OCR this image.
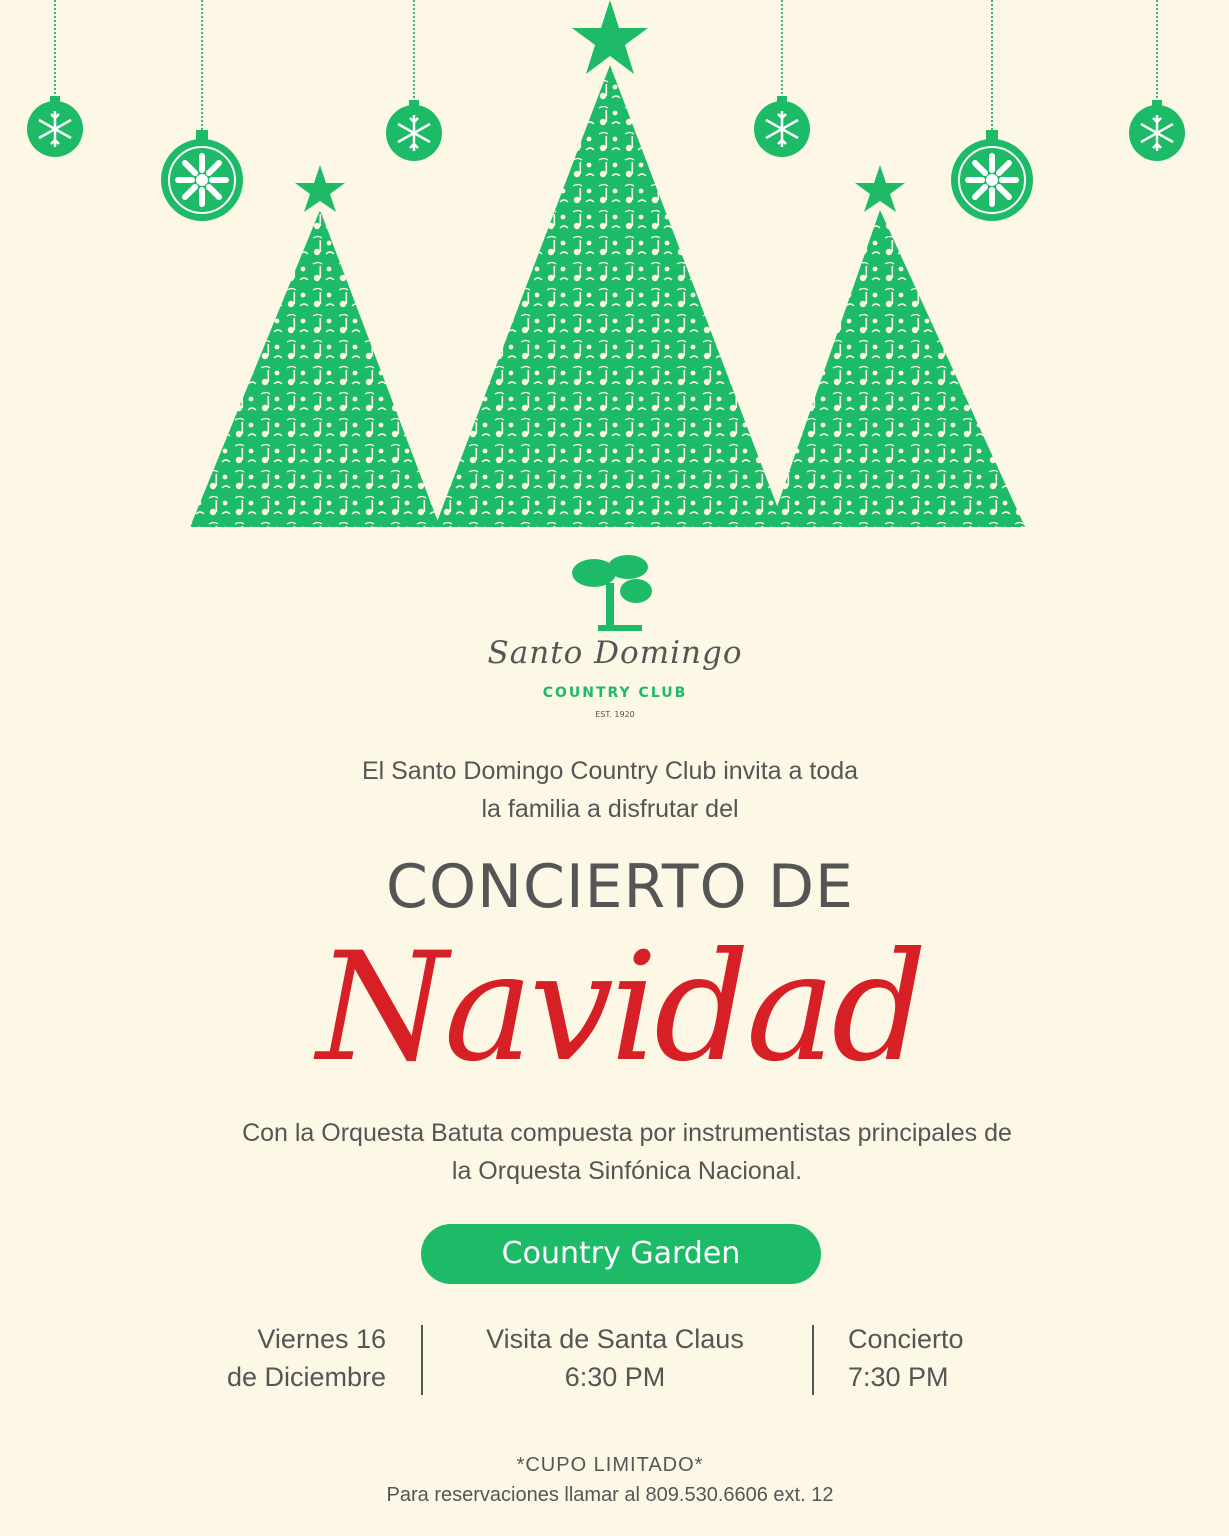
Santo Domingo
COUNTRY CLUB
EST. 1920
El Santo Domingo Country Club invita a toda
la familia a disfrutar del
CONCIERTO DE
Navidad
Con la Orquesta Batuta compuesta por instrumentistas principales de
la Orquesta Sinfónica Nacional.
Country Garden
Viernes 16
de Diciembre
Visita de Santa Claus
6:30 PM
Concierto
7:30 PM
*CUPO LIMITADO*
Para reservaciones llamar al 809.530.6606 ext. 12
